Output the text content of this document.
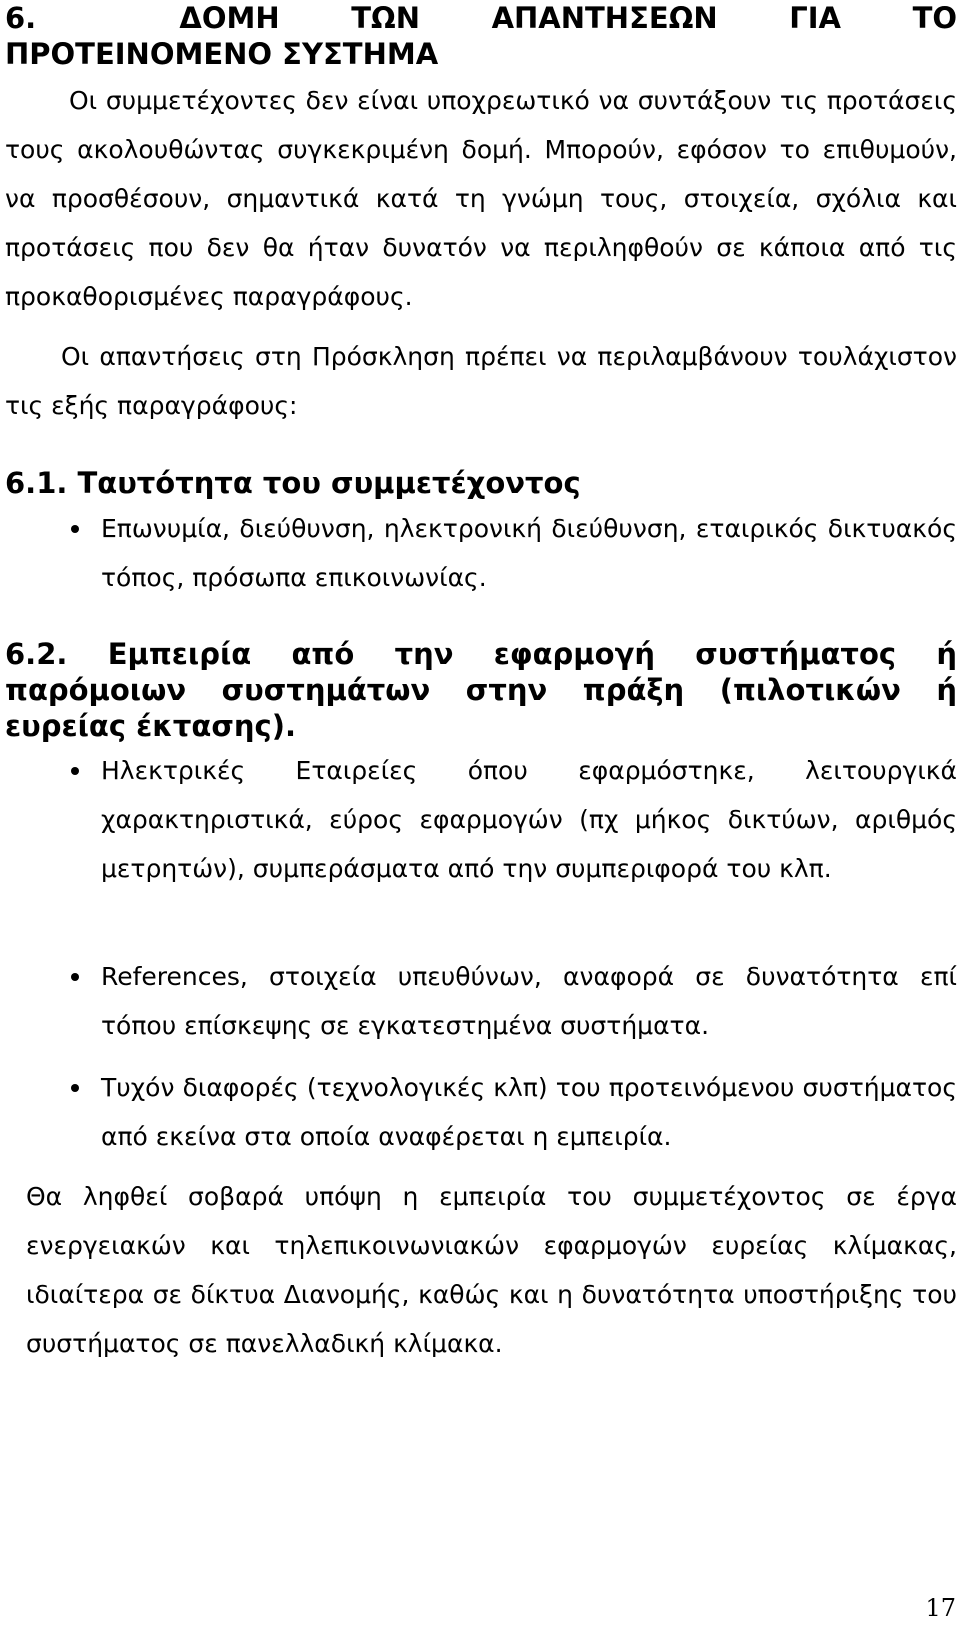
6.  ΔΟΜΗ ΤΩΝ ΑΠΑΝΤΗΣΕΩΝ ΓΙΑ ΤΟ
ΠΡΟΤΕΙΝΟΜΕΝΟ ΣΥΣΤΗΜΑ
Οι συμμετέχοντες δεν είναι υποχρεωτικό να συντάξουν τις προτάσεις τους ακολουθώντας συγκεκριμένη δομή. Μπορούν, εφόσον το επιθυμούν, να προσθέσουν, σημαντικά κατά τη γνώμη τους, στοιχεία, σχόλια και προτάσεις που δεν θα ήταν δυνατόν να περιληφθούν σε κάποια από τις προκαθορισμένες παραγράφους.
Οι απαντήσεις στη Πρόσκληση πρέπει να περιλαμβάνουν τουλάχιστον τις εξής παραγράφους:
6.1. Ταυτότητα του συμμετέχοντος
Επωνυμία, διεύθυνση, ηλεκτρονική διεύθυνση, εταιρικός δικτυακός τόπος, πρόσωπα επικοινωνίας.
6.2. Εμπειρία από την εφαρμογή συστήματος ή
παρόμοιων συστημάτων στην πράξη (πιλοτικών ή
ευρείας έκτασης).
Ηλεκτρικές Εταιρείες όπου εφαρμόστηκε, λειτουργικά χαρακτηριστικά, εύρος εφαρμογών (πχ μήκος δικτύων, αριθμός μετρητών), συμπεράσματα από την συμπεριφορά του κλπ.
References, στοιχεία υπευθύνων, αναφορά σε δυνατότητα επί τόπου επίσκεψης σε εγκατεστημένα συστήματα.
Τυχόν διαφορές (τεχνολογικές κλπ) του προτεινόμενου συστήματος από εκείνα στα οποία αναφέρεται η εμπειρία.
Θα ληφθεί σοβαρά υπόψη η εμπειρία του συμμετέχοντος σε έργα ενεργειακών και τηλεπικοινωνιακών εφαρμογών ευρείας κλίμακας, ιδιαίτερα σε δίκτυα Διανομής, καθώς και η δυνατότητα υποστήριξης του συστήματος σε πανελλαδική κλίμακα.
17
